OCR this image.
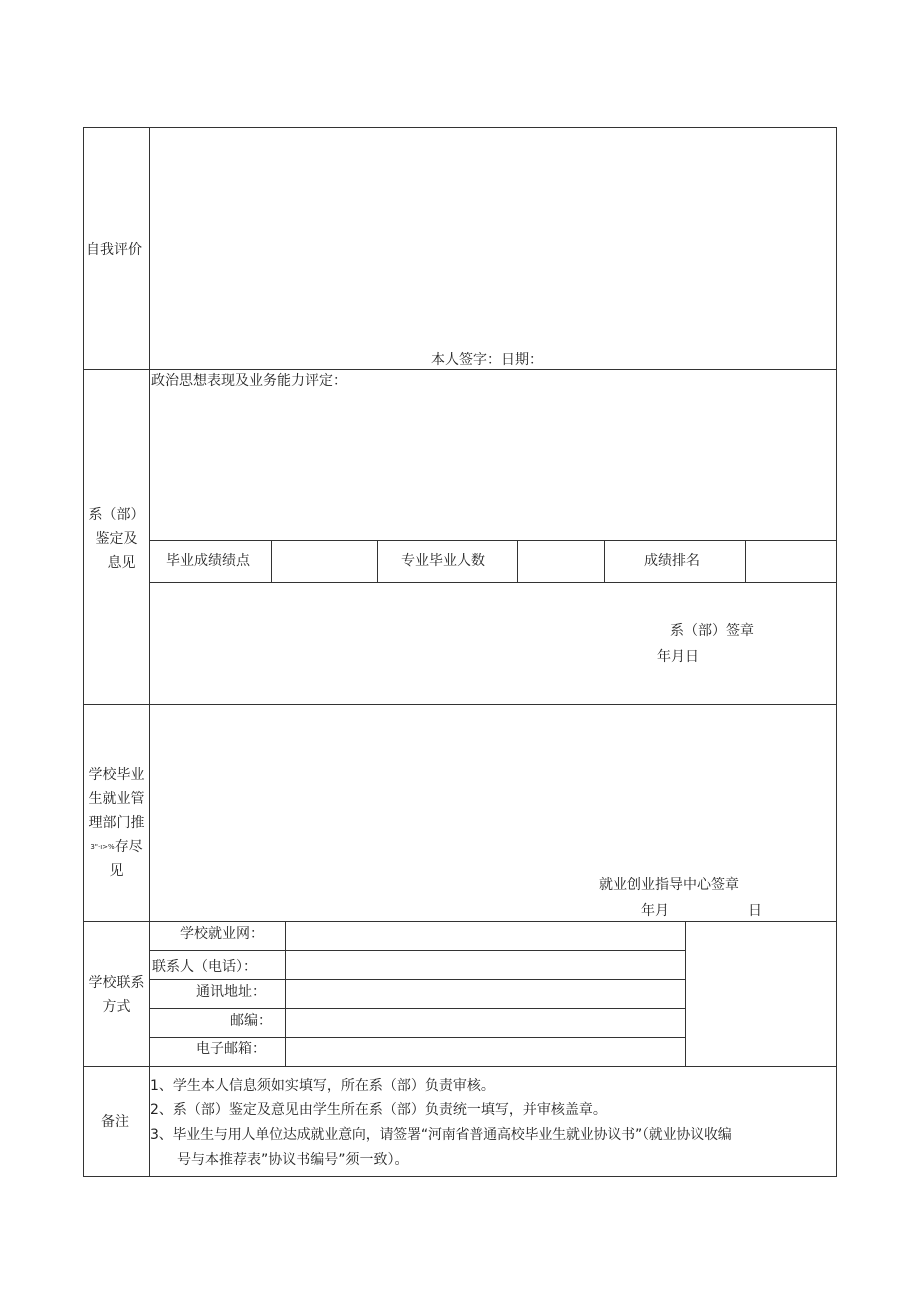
自我评价
本人签字：日期：
系（部）
鉴定及
息见
政治思想表现及业务能力评定：
毕业成绩绩点	专业毕业人数	成绩排名
系（部）签章
年月日
学校毕业
生就业管
理部门推
3"⋅ı>%存尽
见
就业创业指导中心签章
年月	日
学校联系
方式
学校就业网：
联系人（电话）：
通讯地址：
邮编：
电子邮箱：
备注
1、学生本人信息须如实填写，所在系（部）负责审核。
2、系（部）鉴定及意见由学生所在系（部）负责统一填写，并审核盖章。
3、毕业生与用人单位达成就业意向，请签署“河南省普通高校毕业生就业协议书”（就业协议收编
号与本推荐表”协议书编号”须一致）。
